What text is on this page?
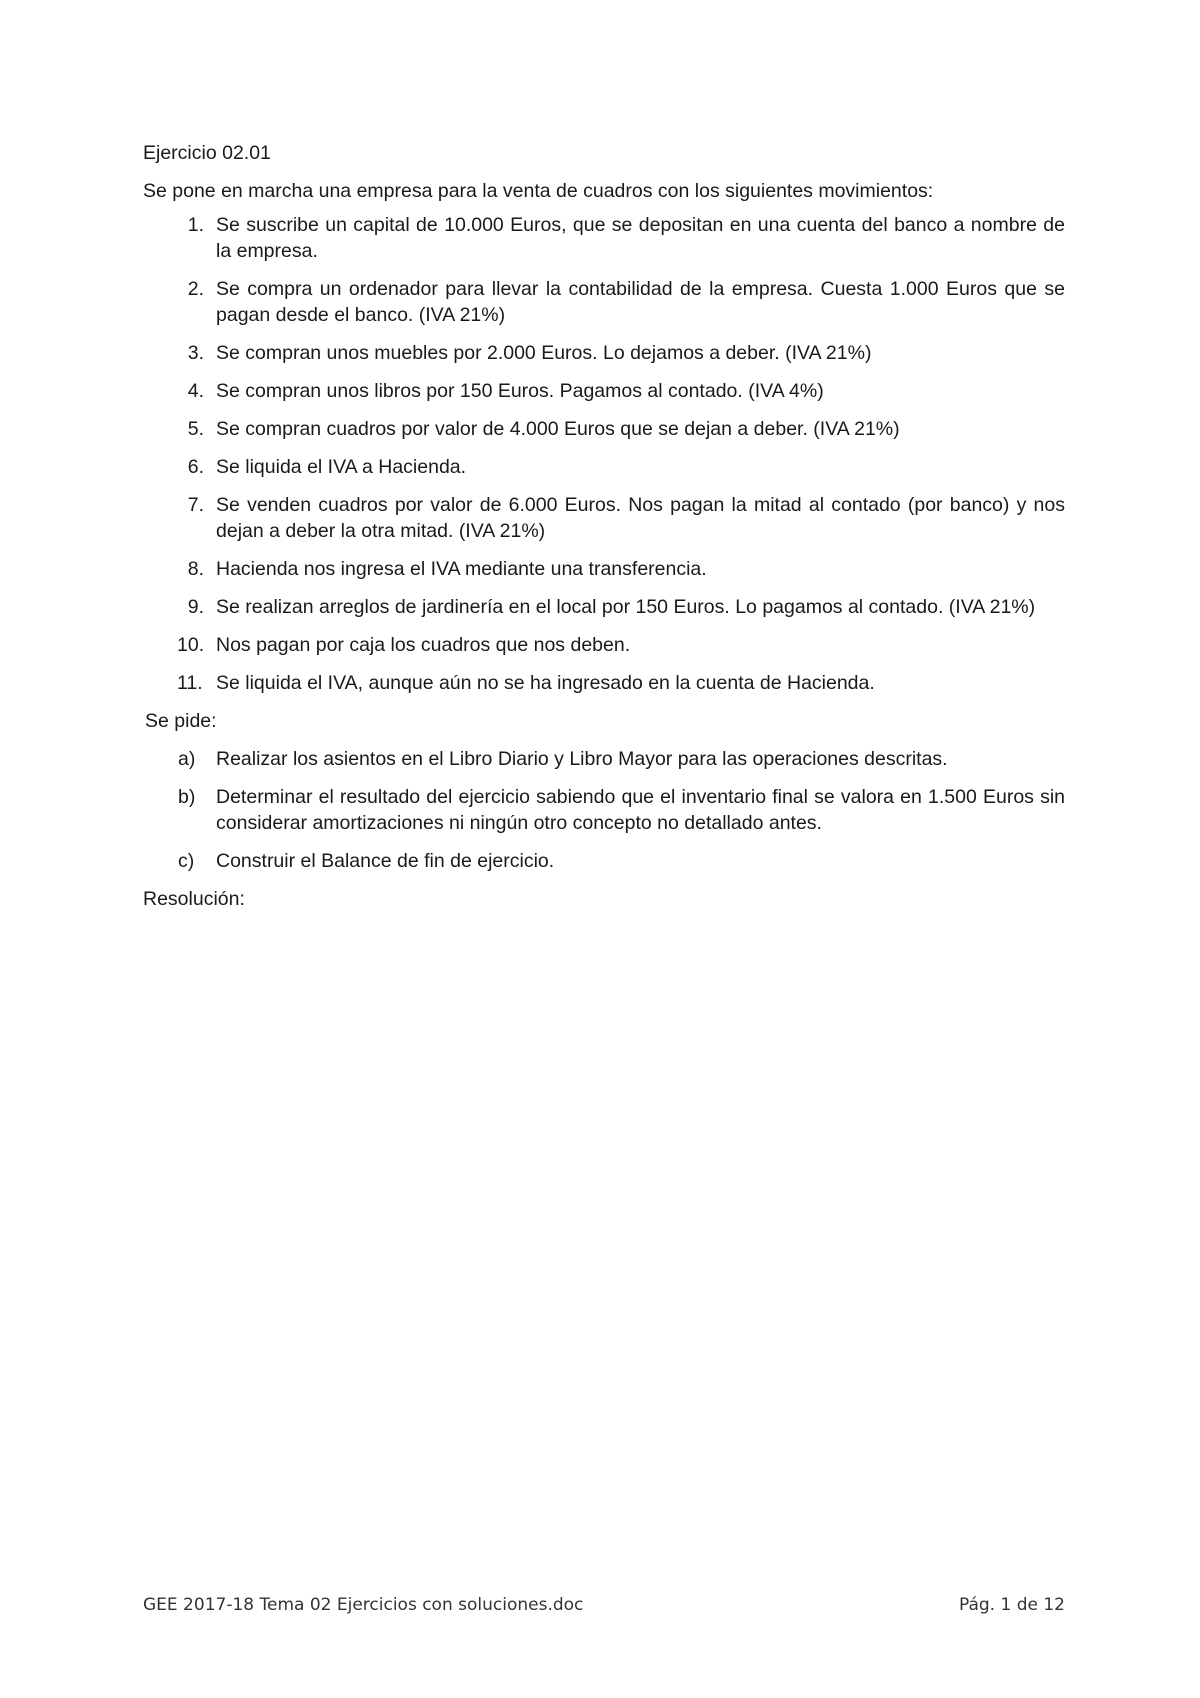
Ejercicio 02.01

Se pone en marcha una empresa para la venta de cuadros con los siguientes movimientos:

1. Se suscribe un capital de 10.000 Euros, que se depositan en una cuenta del banco a nombre de la empresa.
2. Se compra un ordenador para llevar la contabilidad de la empresa. Cuesta 1.000 Euros que se pagan desde el banco. (IVA 21%)
3. Se compran unos muebles por 2.000 Euros. Lo dejamos a deber. (IVA 21%)
4. Se compran unos libros por 150 Euros. Pagamos al contado. (IVA 4%)
5. Se compran cuadros por valor de 4.000 Euros que se dejan a deber. (IVA 21%)
6. Se liquida el IVA a Hacienda.
7. Se venden cuadros por valor de 6.000 Euros. Nos pagan la mitad al contado (por banco) y nos dejan a deber la otra mitad. (IVA 21%)
8. Hacienda nos ingresa el IVA mediante una transferencia.
9. Se realizan arreglos de jardinería en el local por 150 Euros. Lo pagamos al contado. (IVA 21%)
10. Nos pagan por caja los cuadros que nos deben.
11. Se liquida el IVA, aunque aún no se ha ingresado en la cuenta de Hacienda.

Se pide:

a) Realizar los asientos en el Libro Diario y Libro Mayor para las operaciones descritas.
b) Determinar el resultado del ejercicio sabiendo que el inventario final se valora en 1.500 Euros sin considerar amortizaciones ni ningún otro concepto no detallado antes.
c) Construir el Balance de fin de ejercicio.

Resolución:

GEE 2017-18 Tema 02 Ejercicios con soluciones.doc	Pág. 1 de 12
